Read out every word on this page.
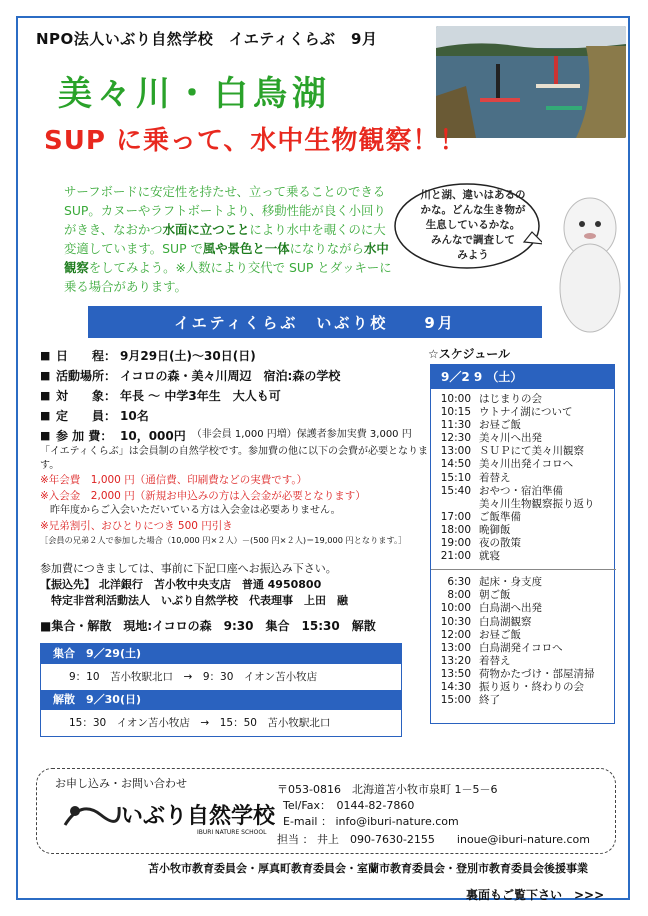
NPO法人いぶり自然学校　イエティくらぶ　9月
美々川・白鳥湖
SUP に乗って、水中生物観察！！
サーフボードに安定性を持たせ、立って乗ることのできる SUP。カヌーやラフトボートより、移動性能が良く小回りがきき、なおかつ水面に立つことにより水中を覗くのに大変適しています。SUP で風や景色と一体になりながら水中観察をしてみよう。※人数により交代で SUP とダッキーに乗る場合があります。
川と湖、違いはあるの
かな。どんな生き物が
生息しているかな。
みんなで調査して
みよう
イエティくらぶ　いぶり校　　9月
■ 日　　程： 9月29日(土)～30日(日)
■ 活動場所： イコロの森・美々川周辺　宿泊:森の学校
■ 対　　象： 年長 ～ 中学3年生　大人も可
■ 定　　員： 10名
■ 参 加 費： 10，000円 （非会員 1,000 円増）保護者参加実費 3,000 円
「イエティくらぶ」は会員制の自然学校です。参加費の他に以下の会費が必要となります。
※年会費　1,000 円（通信費、印刷費などの実費です。）
※入会金　2,000 円（新規お申込みの方は入会金が必要となります）
　昨年度からご入会いただいている方は入会金は必要ありません。
※兄弟割引、おひとりにつき 500 円引き
［会員の兄弟２人で参加した場合（10,000 円×２人）－(500 円×２人)＝19,000 円となります。］
参加費につきましては、事前に下記口座へお振込み下さい。
【振込先】 北洋銀行　苫小牧中央支店　普通 4950800
　特定非営利活動法人　いぶり自然学校　代表理事　上田　融
■集合・解散　現地:イコロの森　9:30　集合　15:30　解散
集合　9／29(土)
9：10　苫小牧駅北口　→　9：30　イオン苫小牧店
解散　9／30(日)
15：30　イオン苫小牧店　→　15：50　苫小牧駅北口
☆スケジュール
9／2 9 （土）
10:00 はじまりの会
10:15 ウトナイ湖について
11:30 お昼ご飯
12:30 美々川へ出発
13:00 ＳＵＰにて美々川観察
14:50 美々川出発イコロへ
15:10 着替え
15:40 おやつ・宿泊準備
美々川生物観察振り返り
17:00 ご飯準備
18:00 晩御飯
19:00 夜の散策
21:00 就寝
6:30 起床・身支度
8:00 朝ご飯
10:00 白鳥湖へ出発
10:30 白鳥湖観察
12:00 お昼ご飯
13:00 白鳥湖発イコロへ
13:20 着替え
13:50 荷物かたづけ・部屋清掃
14:30 振り返り・終わりの会
15:00 終了
お申し込み・お問い合わせ
いぶり自然学校
IBURI NATURE SCHOOL
〒053-0816　北海道苫小牧市泉町 1－5－6
Tel/Fax：　0144-82-7860
E-mail ： info@iburi-nature.com
担当 ： 井上　090-7630-2155　　inoue@iburi-nature.com
苫小牧市教育委員会・厚真町教育委員会・室蘭市教育委員会・登別市教育委員会後援事業
裏面もご覧下さい　>>>
